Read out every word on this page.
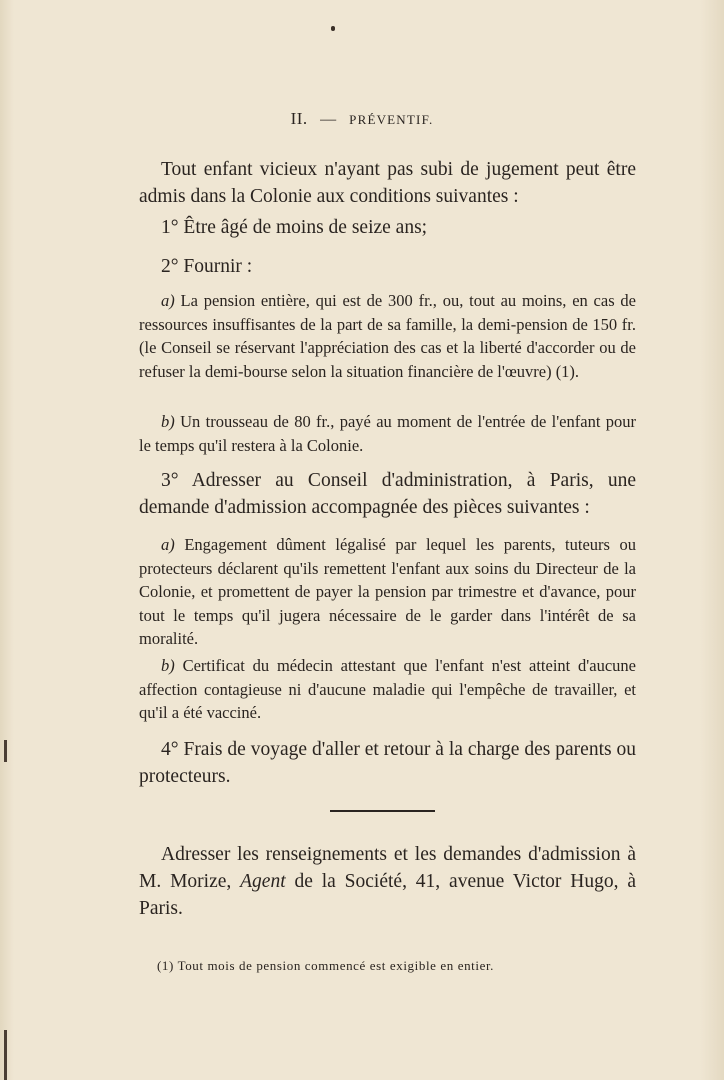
II. — PRÉVENTIF.

Tout enfant vicieux n'ayant pas subi de jugement peut être admis dans la Colonie aux conditions suivantes :

1° Être âgé de moins de seize ans;

2° Fournir :

a) La pension entière, qui est de 300 fr., ou, tout au moins, en cas de ressources insuffisantes de la part de sa famille, la demi-pension de 150 fr. (le Conseil se réservant l'appréciation des cas et la liberté d'accorder ou de refuser la demi-bourse selon la situation financière de l'œuvre) (1).

b) Un trousseau de 80 fr., payé au moment de l'entrée de l'enfant pour le temps qu'il restera à la Colonie.

3° Adresser au Conseil d'administration, à Paris, une demande d'admission accompagnée des pièces suivantes :

a) Engagement dûment légalisé par lequel les parents, tuteurs ou protecteurs déclarent qu'ils remettent l'enfant aux soins du Directeur de la Colonie, et promettent de payer la pension par trimestre et d'avance, pour tout le temps qu'il jugera nécessaire de le garder dans l'intérêt de sa moralité.

b) Certificat du médecin attestant que l'enfant n'est atteint d'aucune affection contagieuse ni d'aucune maladie qui l'empêche de travailler, et qu'il a été vacciné.

4° Frais de voyage d'aller et retour à la charge des parents ou protecteurs.

Adresser les renseignements et les demandes d'admission à M. Morize, Agent de la Société, 41, avenue Victor Hugo, à Paris.

(1) Tout mois de pension commencé est exigible en entier.
